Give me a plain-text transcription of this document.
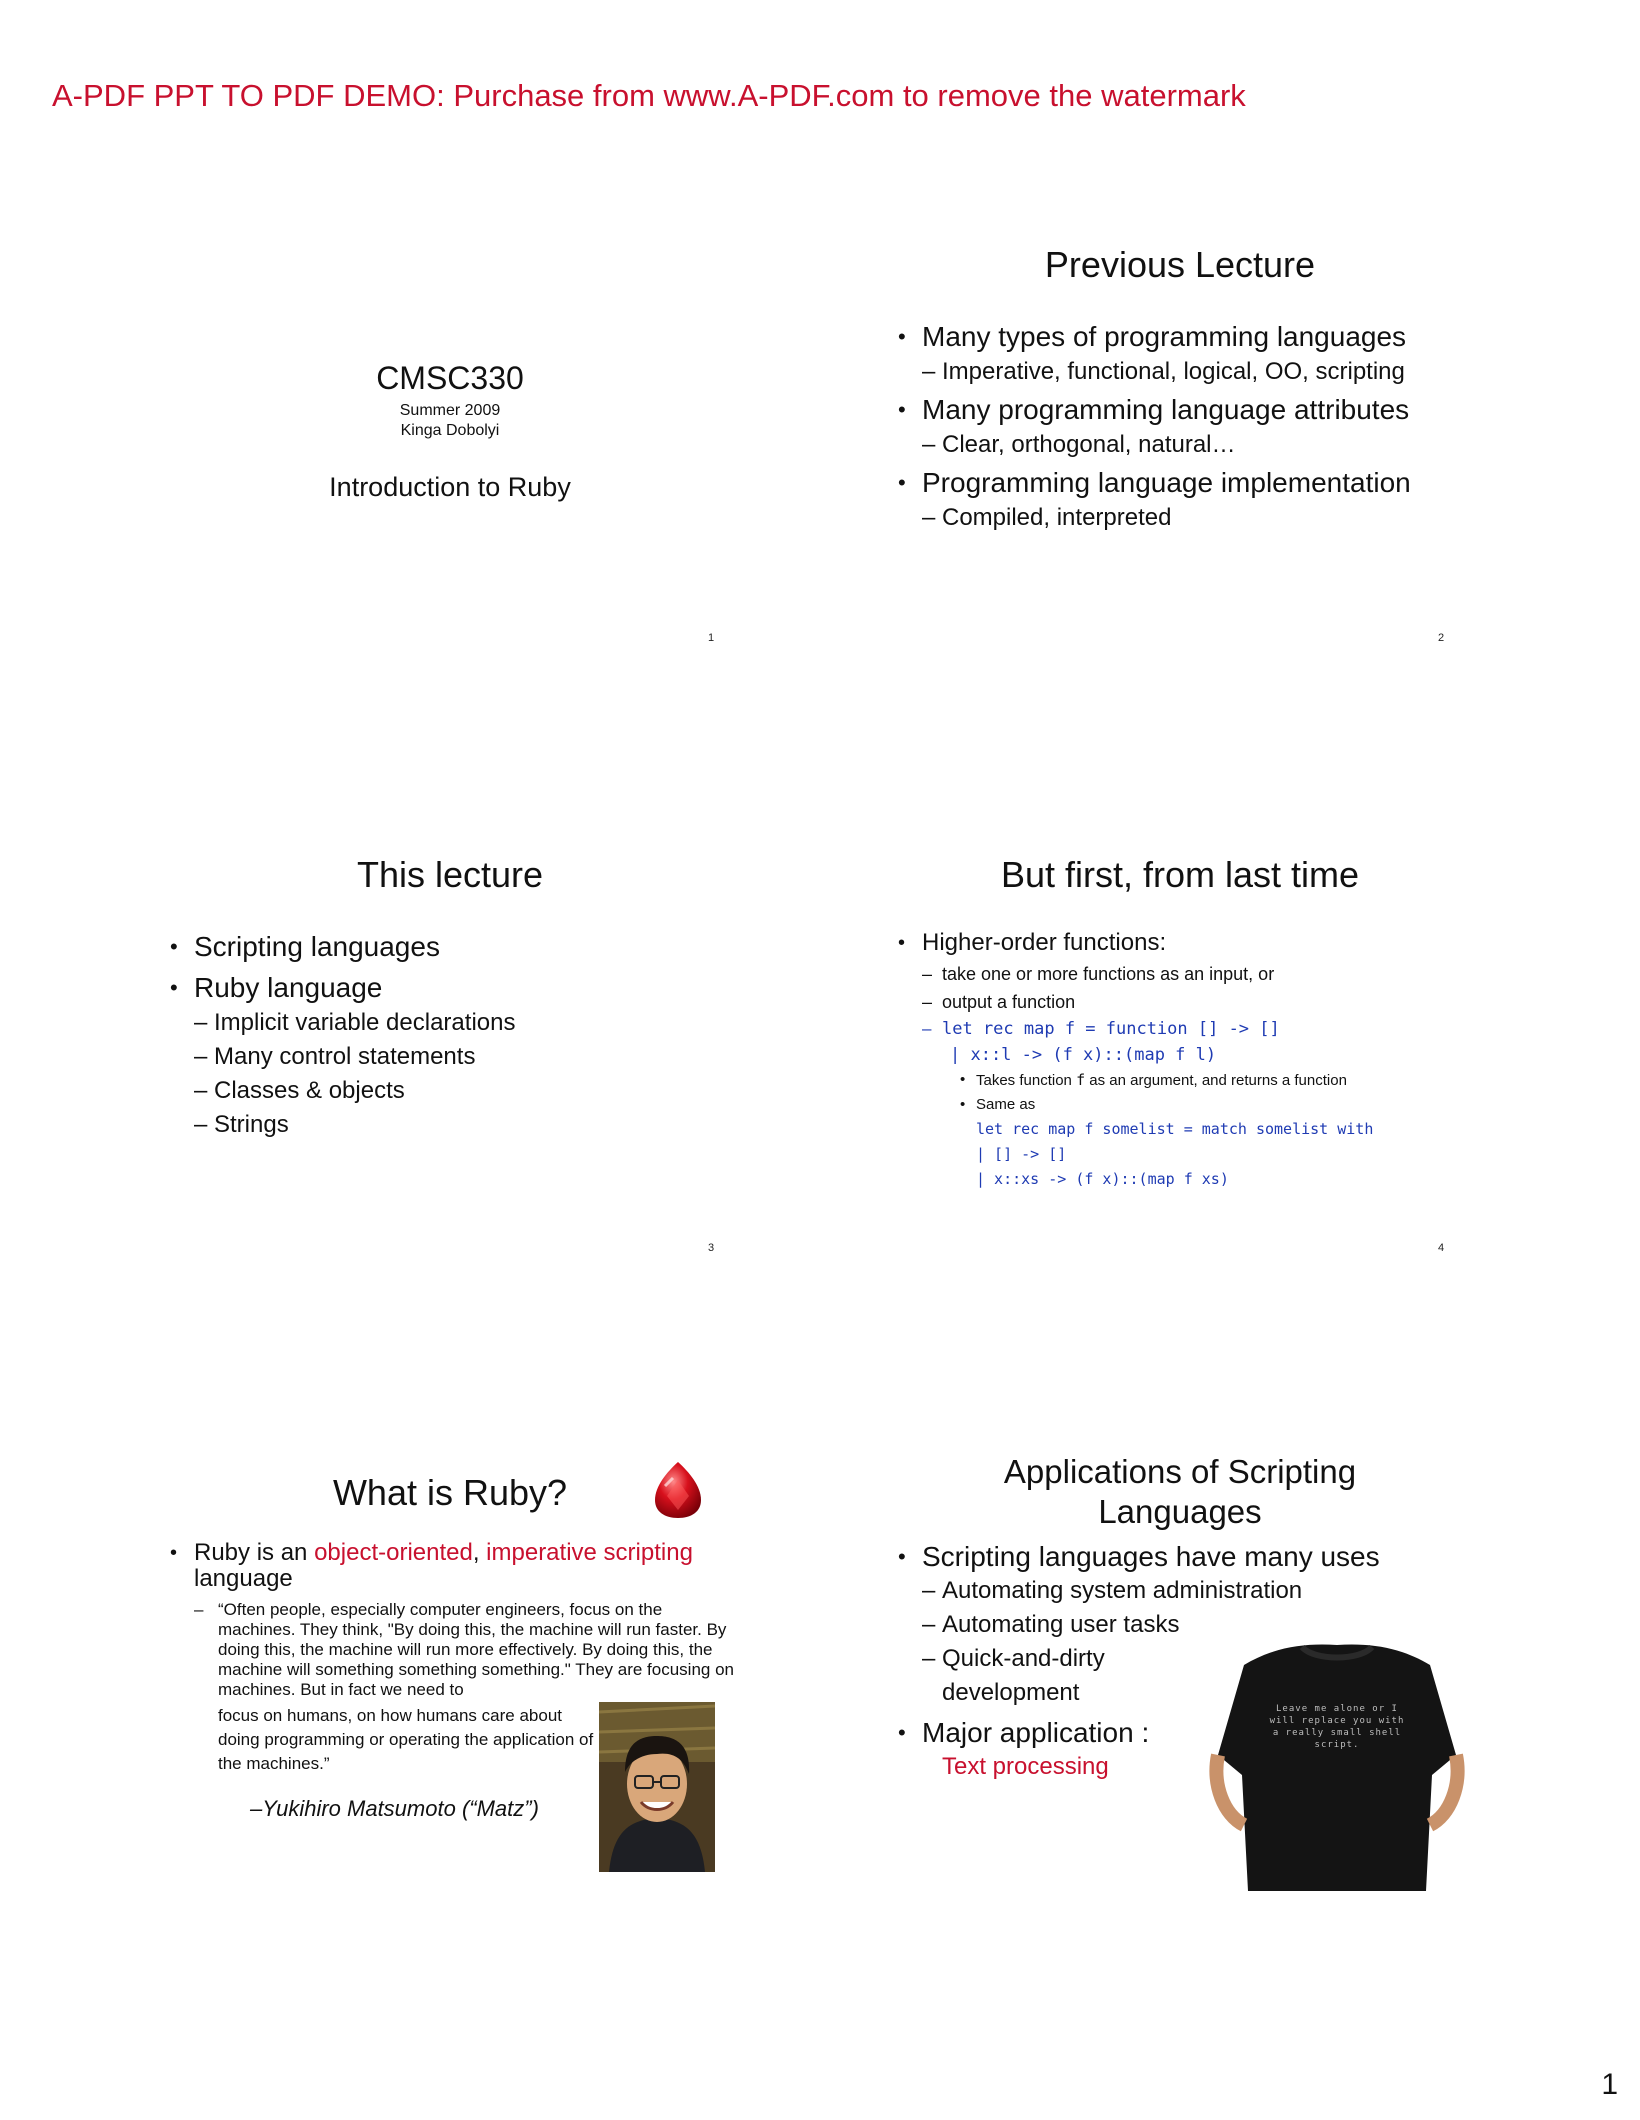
A-PDF PPT TO PDF DEMO: Purchase from www.A-PDF.com to remove the watermark
CMSC330
Summer 2009
Kinga Dobolyi
Introduction to Ruby
1
Previous Lecture
• Many types of programming languages
– Imperative, functional, logical, OO, scripting
• Many programming language attributes
– Clear, orthogonal, natural…
• Programming language implementation
– Compiled, interpreted
2
This lecture
• Scripting languages
• Ruby language
– Implicit variable declarations
– Many control statements
– Classes & objects
– Strings
3
But first, from last time
• Higher-order functions:
– take one or more functions as an input, or
– output a function
– let rec map f = function [] -> []
| x::l -> (f x)::(map f l)
• Takes function f as an argument, and returns a function
• Same as
let rec map f somelist = match somelist with
| [] -> []
| x::xs -> (f x)::(map f xs)
4
What is Ruby?
• Ruby is an object-oriented, imperative scripting
language
– “Often people, especially computer engineers, focus on the machines. They think, "By doing this, the machine will run faster. By doing this, the machine will run more effectively. By doing this, the machine will something something something." They are focusing on machines. But in fact we need to
focus on humans, on how humans care about doing programming or operating the application of the machines.”
–Yukihiro Matsumoto (“Matz”)
Applications of Scripting
Languages
• Scripting languages have many uses
– Automating system administration
– Automating user tasks
– Quick-and-dirty
development
• Major application :
Text processing
Leave me alone or I will replace you with a really small shell script.
1
